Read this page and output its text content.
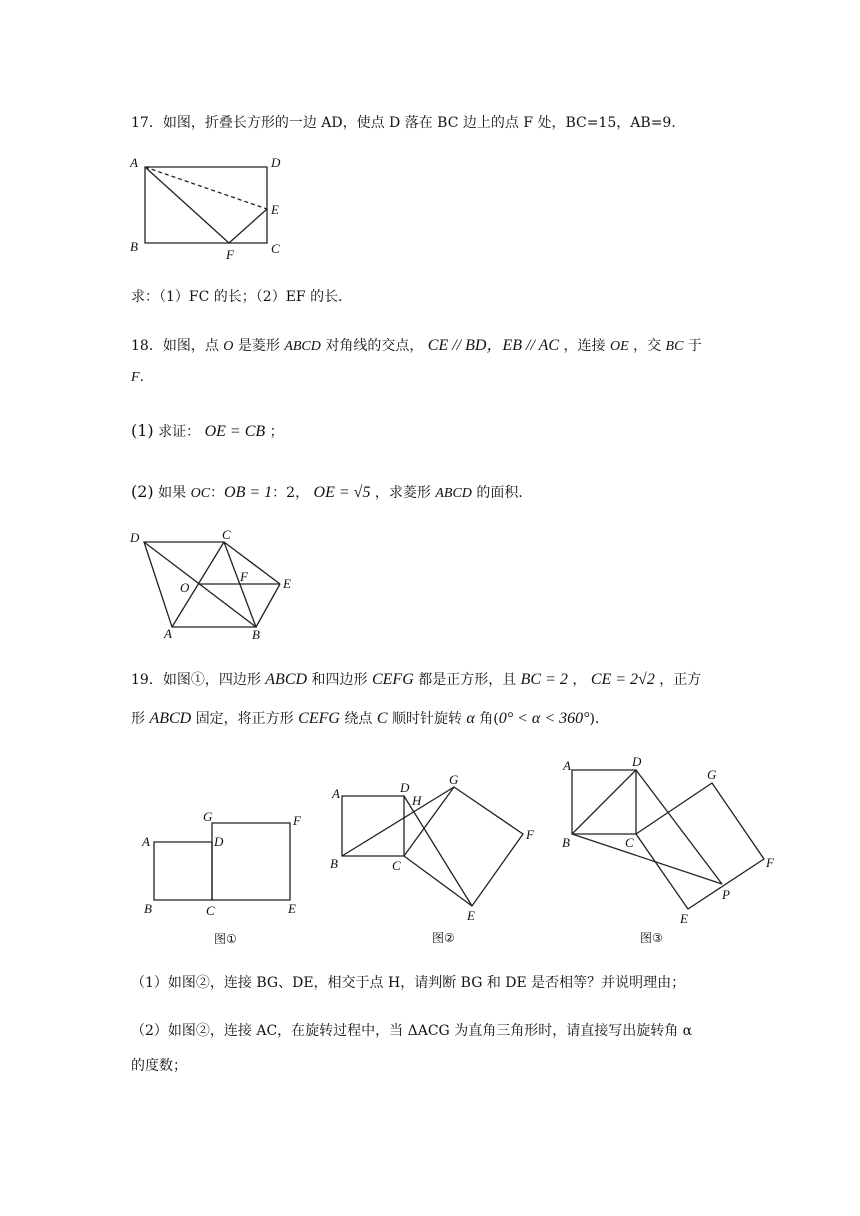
17．如图，折叠长方形的一边 AD，使点 D 落在 BC 边上的点 F 处，BC=15，AB=9.
A	D
E
B
F	C
求：（1）FC 的长；（2）EF 的长．
18．如图，点 O 是菱形 ABCD 对角线的交点， CE // BD，EB // AC ，连接 OE ，交 BC 于
F．
(1) 求证： OE = CB ；
(2) 如果 OC：OB = 1：2， OE = √5 ，求菱形 ABCD 的面积．
D	C
F
O	E
A	B
19．如图①，四边形 ABCD 和四边形 CEFG 都是正方形，且 BC = 2 ， CE = 2√2 ，正方
形 ABCD 固定，将正方形 CEFG 绕点 C 顺时针旋转 α 角(0° < α < 360°)．
G	F
A	D
B	C	E
图①
A	D
H
G
F
B	C
E
图②
A	D
G
B	C
F
P
E
图③
（1）如图②，连接 BG、DE，相交于点 H，请判断 BG 和 DE 是否相等？并说明理由；
（2）如图②，连接 AC，在旋转过程中，当 ΔACG 为直角三角形时，请直接写出旋转角 α
的度数；
